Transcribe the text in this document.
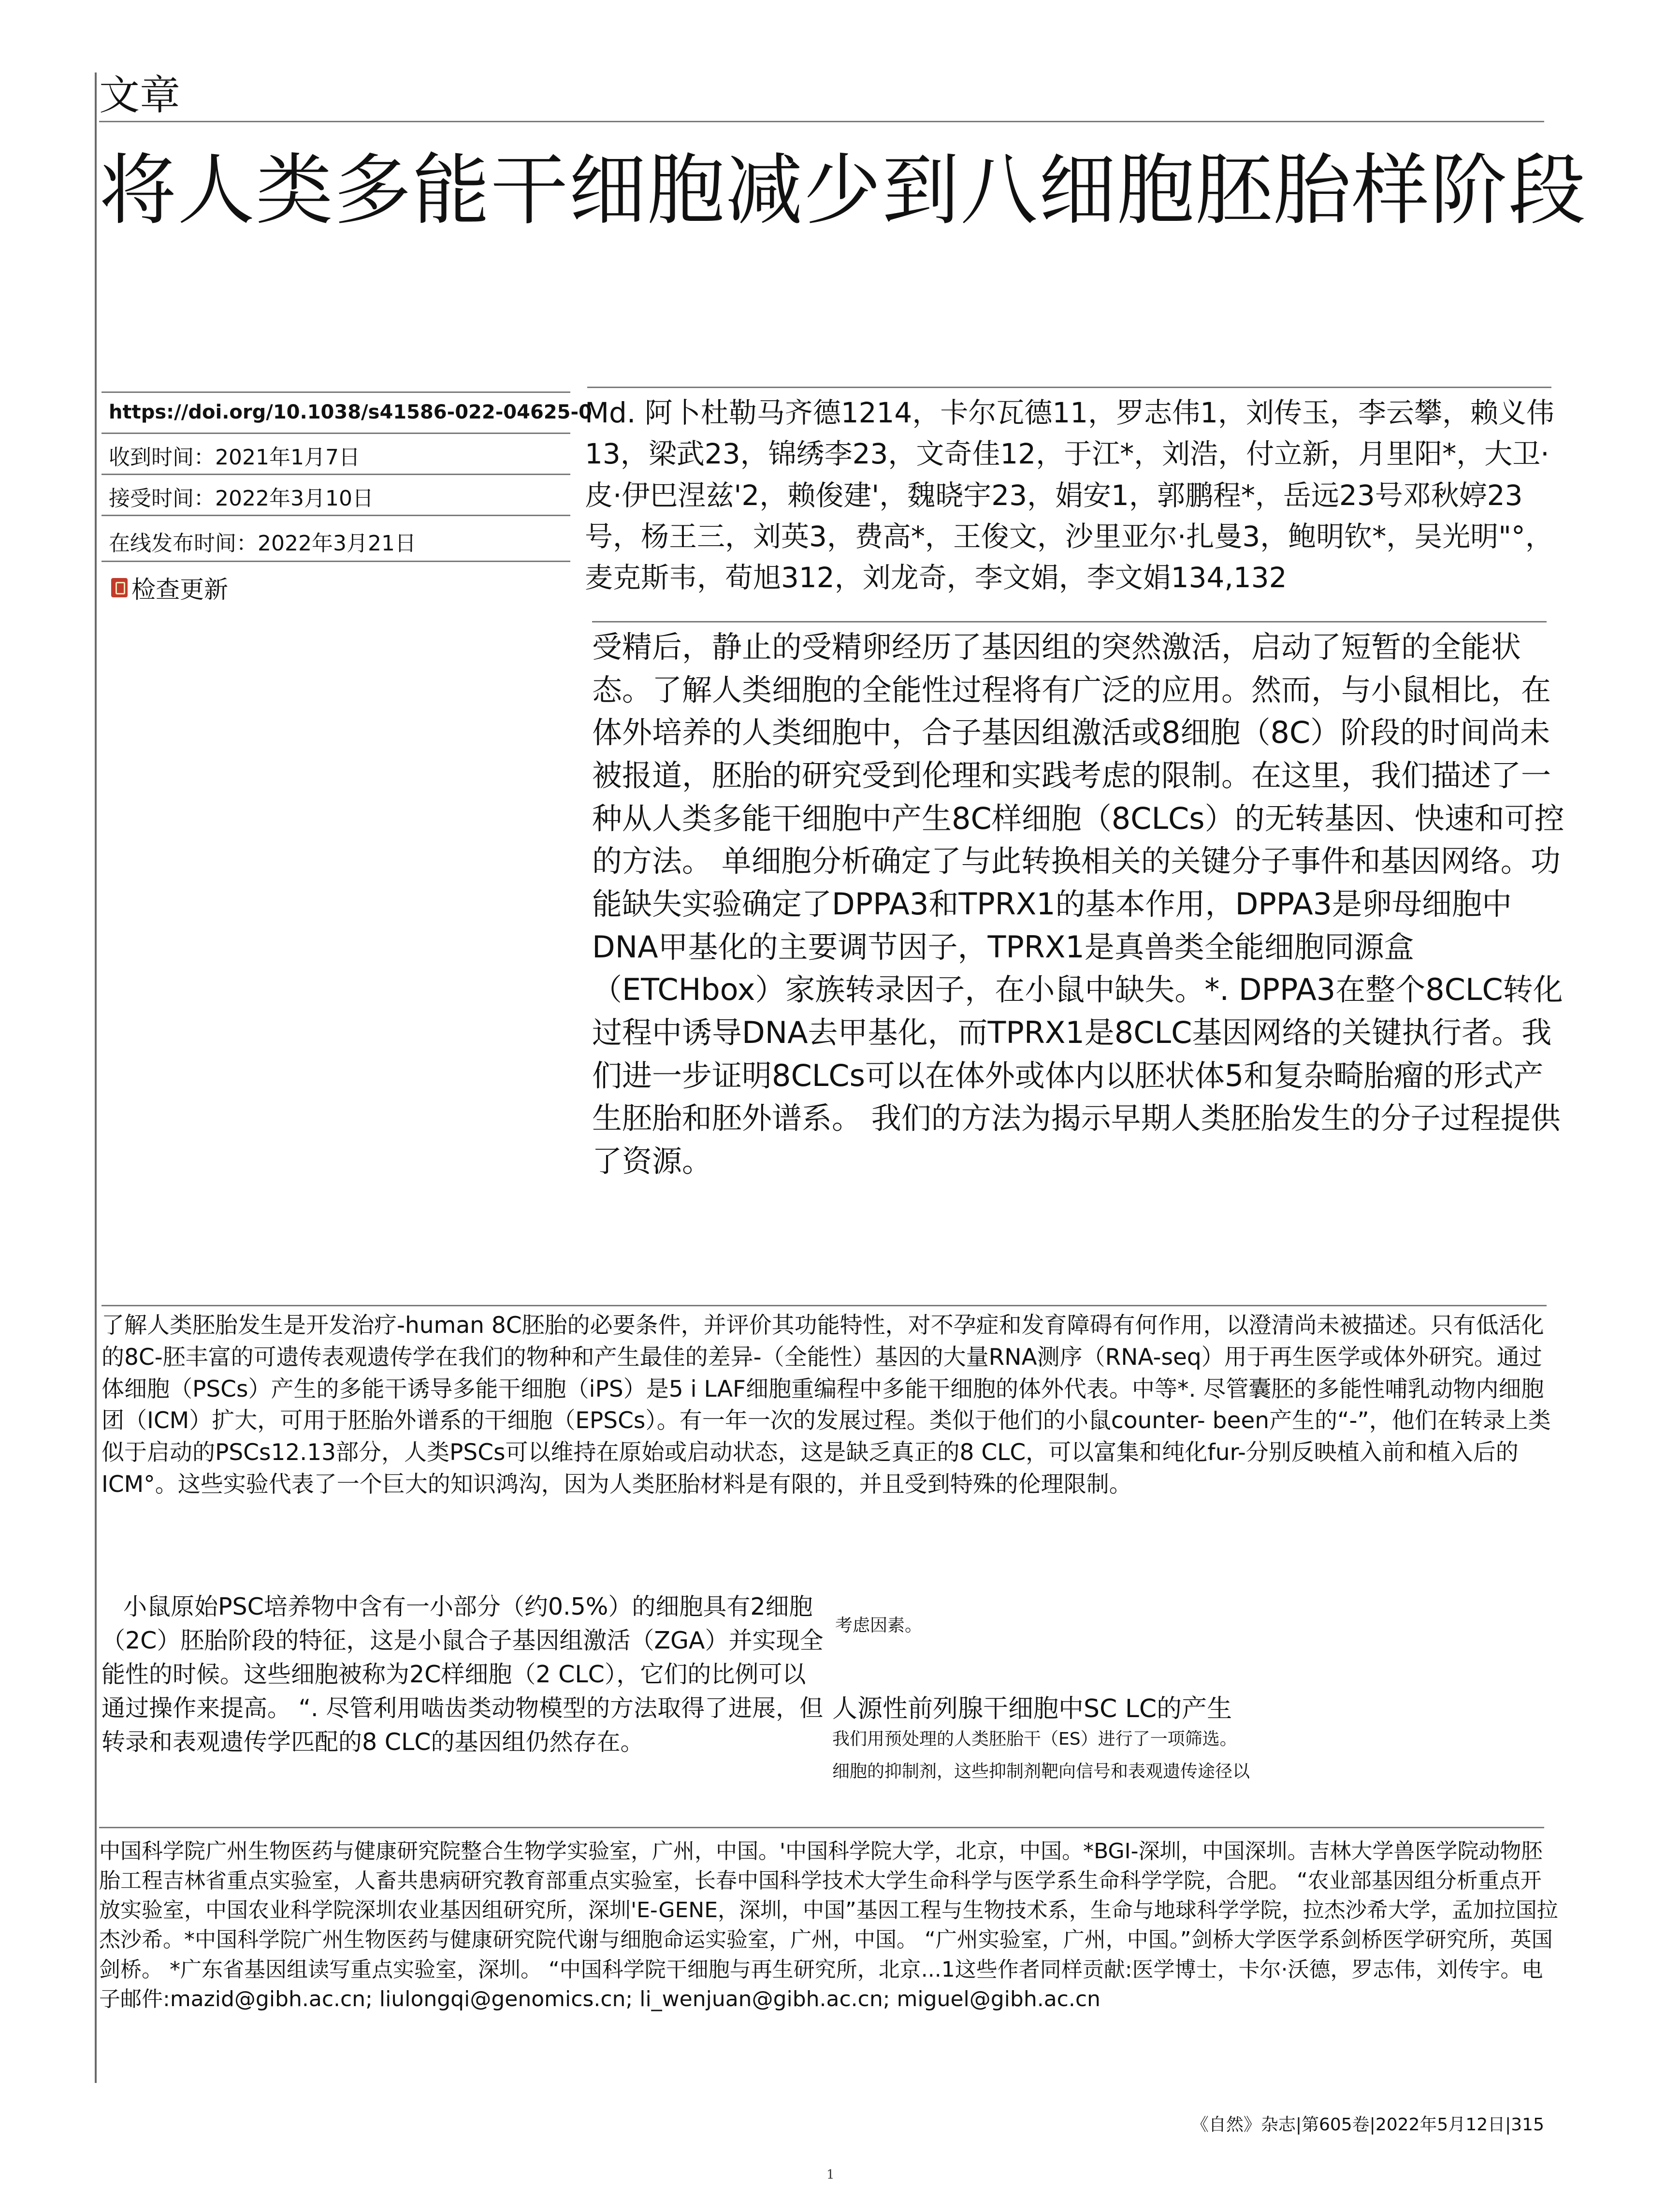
文章
将人类多能干细胞减少到八细胞胚胎样阶段
https://doi.org/10.1038/s41586-022-04625-0
收到时间：2021年1月7日
接受时间：2022年3月10日
在线发布时间：2022年3月21日
检查更新
Md. 阿卜杜勒马齐德1214，卡尔瓦德11，罗志伟1，刘传玉，李云攀，赖义伟13，梁武23，锦绣李23，文奇佳12，于江*，刘浩，付立新，月里阳*，大卫·皮·伊巴涅兹'2，赖俊建'，魏晓宇23，娟安1，郭鹏程*，岳远23号邓秋婷23号，杨王三，刘英3，费高*，王俊文，沙里亚尔·扎曼3，鲍明钦*，吴光明"°，麦克斯韦，荀旭312，刘龙奇，李文娟，李文娟134,132
受精后，静止的受精卵经历了基因组的突然激活，启动了短暂的全能状态。了解人类细胞的全能性过程将有广泛的应用。然而，与小鼠相比，在体外培养的人类细胞中，合子基因组激活或8细胞（8C）阶段的时间尚未被报道，胚胎的研究受到伦理和实践考虑的限制。在这里，我们描述了一种从人类多能干细胞中产生8C样细胞（8CLCs）的无转基因、快速和可控的方法。 单细胞分析确定了与此转换相关的关键分子事件和基因网络。功能缺失实验确定了DPPA3和TPRX1的基本作用，DPPA3是卵母细胞中DNA甲基化的主要调节因子，TPRX1是真兽类全能细胞同源盒（ETCHbox）家族转录因子，在小鼠中缺失。*. DPPA3在整个8CLC转化过程中诱导DNA去甲基化，而TPRX1是8CLC基因网络的关键执行者。我们进一步证明8CLCs可以在体外或体内以胚状体5和复杂畸胎瘤的形式产生胚胎和胚外谱系。 我们的方法为揭示早期人类胚胎发生的分子过程提供了资源。
了解人类胚胎发生是开发治疗-human 8C胚胎的必要条件，并评价其功能特性，对不孕症和发育障碍有何作用，以澄清尚未被描述。只有低活化的8C-胚丰富的可遗传表观遗传学在我们的物种和产生最佳的差异-（全能性）基因的大量RNA测序（RNA-seq）用于再生医学或体外研究。通过体细胞（PSCs）产生的多能干诱导多能干细胞（iPS）是5 i LAF细胞重编程中多能干细胞的体外代表。中等*. 尽管囊胚的多能性哺乳动物内细胞团（ICM）扩大，可用于胚胎外谱系的干细胞（EPSCs）。有一年一次的发展过程。类似于他们的小鼠counter- been产生的“-”，他们在转录上类似于启动的PSCs12.13部分，人类PSCs可以维持在原始或启动状态，这是缺乏真正的8 CLC，可以富集和纯化fur-分别反映植入前和植入后的ICM°。这些实验代表了一个巨大的知识鸿沟，因为人类胚胎材料是有限的，并且受到特殊的伦理限制。
小鼠原始PSC培养物中含有一小部分（约0.5%）的细胞具有2细胞（2C）胚胎阶段的特征，这是小鼠合子基因组激活（ZGA）并实现全能性的时候。这些细胞被称为2C样细胞（2 CLC），它们的比例可以通过操作来提高。 “. 尽管利用啮齿类动物模型的方法取得了进展，但转录和表观遗传学匹配的8 CLC的基因组仍然存在。
考虑因素。
人源性前列腺干细胞中SC LC的产生
我们用预处理的人类胚胎干（ES）进行了一项筛选。
细胞的抑制剂，这些抑制剂靶向信号和表观遗传途径以
中国科学院广州生物医药与健康研究院整合生物学实验室，广州，中国。'中国科学院大学，北京，中国。*BGI-深圳，中国深圳。吉林大学兽医学院动物胚胎工程吉林省重点实验室，人畜共患病研究教育部重点实验室，长春中国科学技术大学生命科学与医学系生命科学学院，合肥。 “农业部基因组分析重点开放实验室，中国农业科学院深圳农业基因组研究所，深圳'E-GENE，深圳，中国”基因工程与生物技术系，生命与地球科学学院，拉杰沙希大学，孟加拉国拉杰沙希。*中国科学院广州生物医药与健康研究院代谢与细胞命运实验室，广州，中国。 “广州实验室，广州，中国。”剑桥大学医学系剑桥医学研究所，英国剑桥。 *广东省基因组读写重点实验室，深圳。 “中国科学院干细胞与再生研究所，北京...1这些作者同样贡献:医学博士，卡尔·沃德，罗志伟，刘传宇。电子邮件:mazid@gibh.ac.cn; liulongqi@genomics.cn; li_wenjuan@gibh.ac.cn; miguel@gibh.ac.cn
《自然》杂志|第605卷|2022年5月12日|315
1
